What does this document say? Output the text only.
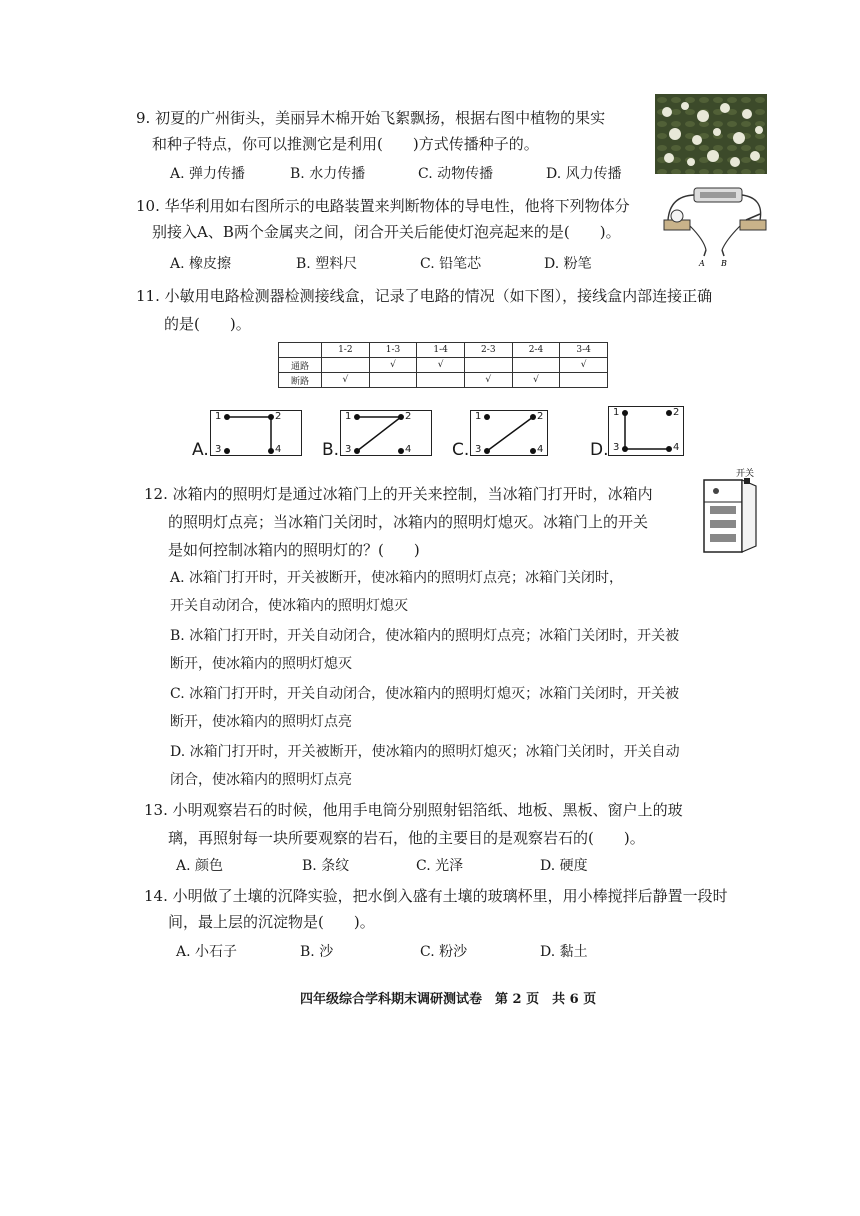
9. 初夏的广州街头，美丽异木棉开始飞絮飘扬，根据右图中植物的果实
和种子特点，你可以推测它是利用(　　)方式传播种子的。
A. 弹力传播	B. 水力传播	C. 动物传播	D. 风力传播
10. 华华利用如右图所示的电路装置来判断物体的导电性，他将下列物体分
别接入A、B两个金属夹之间，闭合开关后能使灯泡亮起来的是(　　)。
A. 橡皮擦	B. 塑料尺	C. 铅笔芯	D. 粉笔	A B
11. 小敏用电路检测器检测接线盒，记录了电路的情况（如下图），接线盒内部连接正确
的是(　　)。
	1-2	1-3	1-4	2-3	2-4	3-4
通路		√	√			√
断路	√			√	√	
A.
1	2
3	4 B.
1	2
3	4 C.
1	2
3	4	D.
1	2
3	4
12. 冰箱内的照明灯是通过冰箱门上的开关来控制，当冰箱门打开时，冰箱内
的照明灯点亮；当冰箱门关闭时，冰箱内的照明灯熄灭。冰箱门上的开关
是如何控制冰箱内的照明灯的？(　　)
开关
A. 冰箱门打开时，开关被断开，使冰箱内的照明灯点亮；冰箱门关闭时，
开关自动闭合，使冰箱内的照明灯熄灭
B. 冰箱门打开时，开关自动闭合，使冰箱内的照明灯点亮；冰箱门关闭时，开关被
断开，使冰箱内的照明灯熄灭
C. 冰箱门打开时，开关自动闭合，使冰箱内的照明灯熄灭；冰箱门关闭时，开关被
断开，使冰箱内的照明灯点亮
D. 冰箱门打开时，开关被断开，使冰箱内的照明灯熄灭；冰箱门关闭时，开关自动
闭合，使冰箱内的照明灯点亮
13. 小明观察岩石的时候，他用手电筒分别照射铝箔纸、地板、黑板、窗户上的玻
璃，再照射每一块所要观察的岩石，他的主要目的是观察岩石的(　　)。
A. 颜色	B. 条纹	C. 光泽	D. 硬度
14. 小明做了土壤的沉降实验，把水倒入盛有土壤的玻璃杯里，用小棒搅拌后静置一段时
间，最上层的沉淀物是(　　)。
A. 小石子	B. 沙	C. 粉沙	D. 黏土
四年级综合学科期末调研测试卷　第 2 页　共 6 页
